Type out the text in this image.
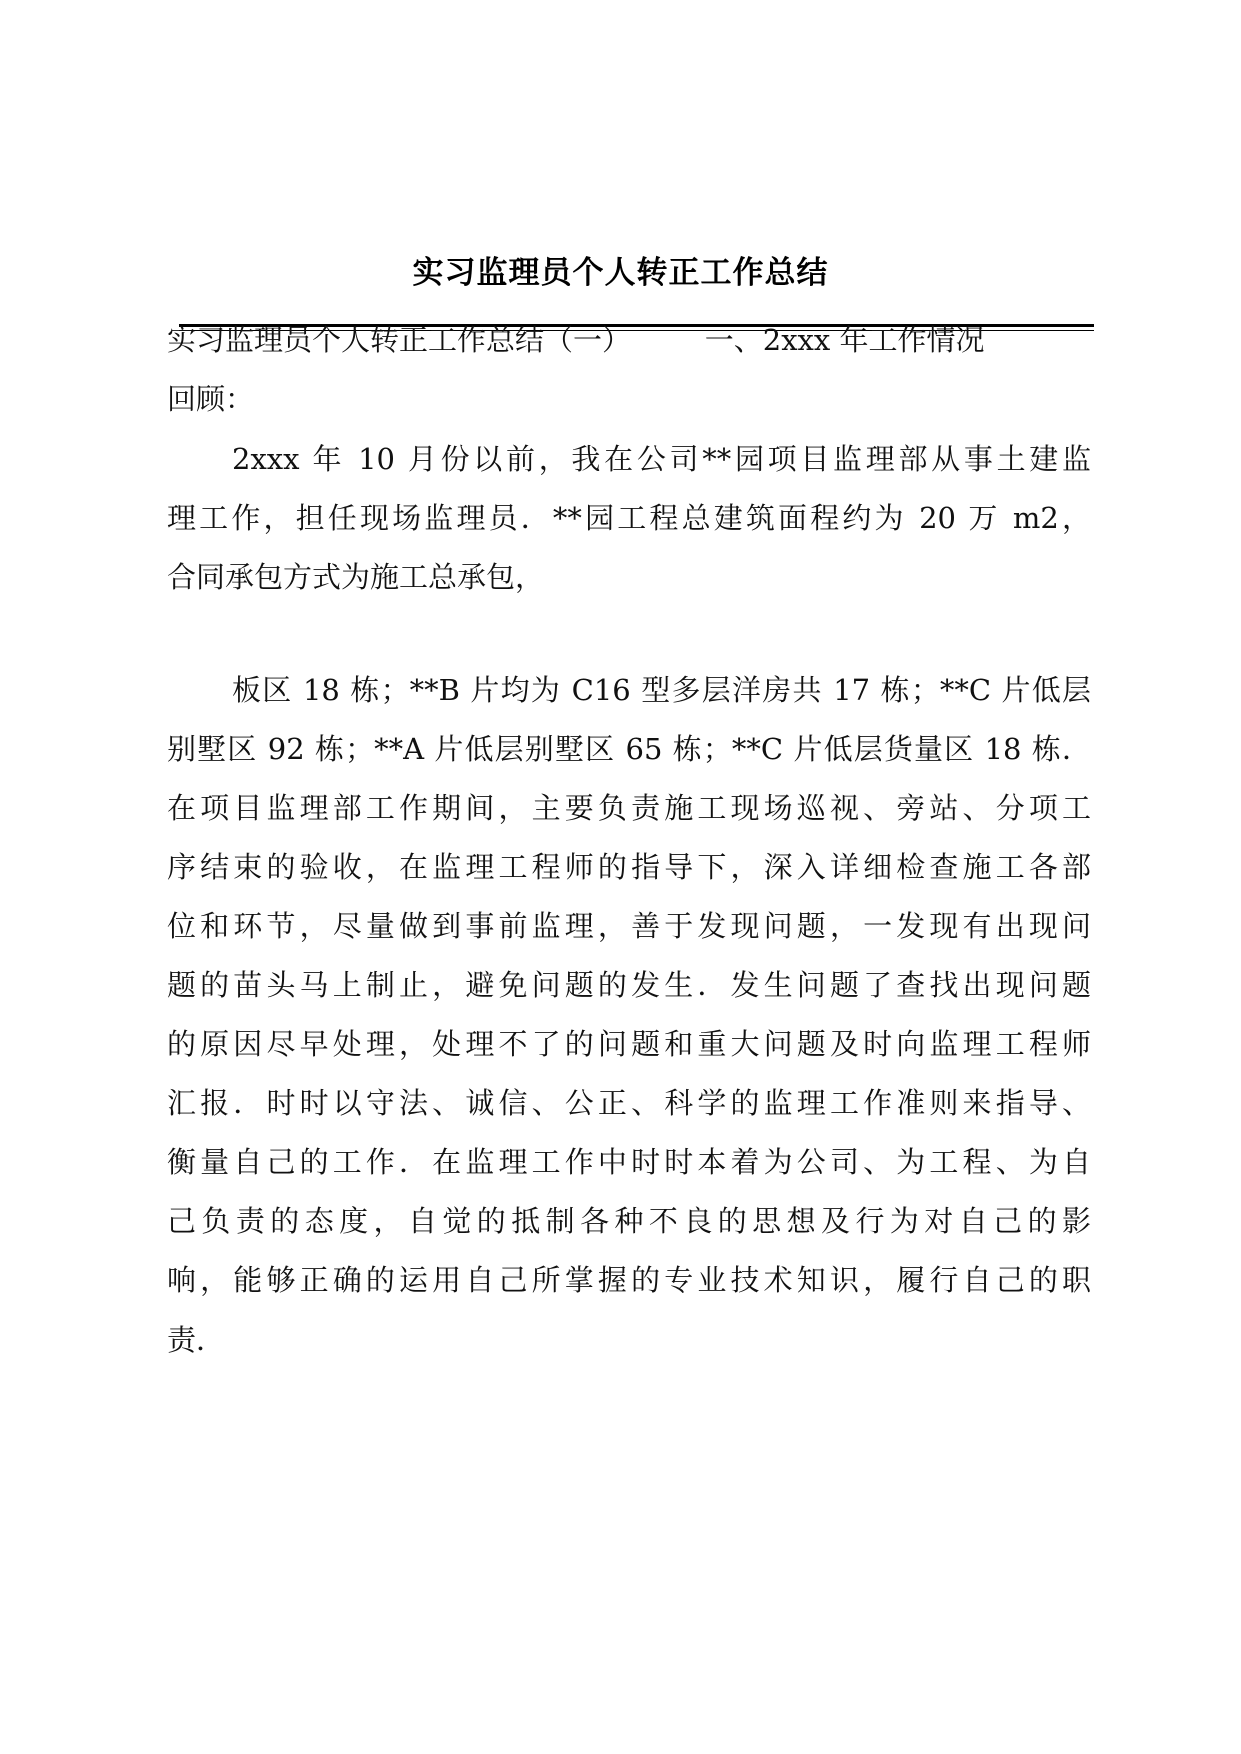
实习监理员个人转正工作总结
实习监理员个人转正工作总结（一）        一、2xxx 年工作情况
回顾：
2xxx 年 10 月份以前，我在公司**园项目监理部从事土建监
理工作，担任现场监理员．**园工程总建筑面程约为 20 万 m2，
合同承包方式为施工总承包，
板区 18 栋；**B 片均为 C16 型多层洋房共 17 栋；**C 片低层
别墅区 92 栋；**A 片低层别墅区 65 栋；**C 片低层货量区 18 栋．
在项目监理部工作期间，主要负责施工现场巡视、旁站、分项工
序结束的验收，在监理工程师的指导下，深入详细检查施工各部
位和环节，尽量做到事前监理，善于发现问题，一发现有出现问
题的苗头马上制止，避免问题的发生．发生问题了查找出现问题
的原因尽早处理，处理不了的问题和重大问题及时向监理工程师
汇报．时时以守法、诚信、公正、科学的监理工作准则来指导、
衡量自己的工作．在监理工作中时时本着为公司、为工程、为自
己负责的态度，自觉的抵制各种不良的思想及行为对自己的影
响，能够正确的运用自己所掌握的专业技术知识，履行自己的职
责．
